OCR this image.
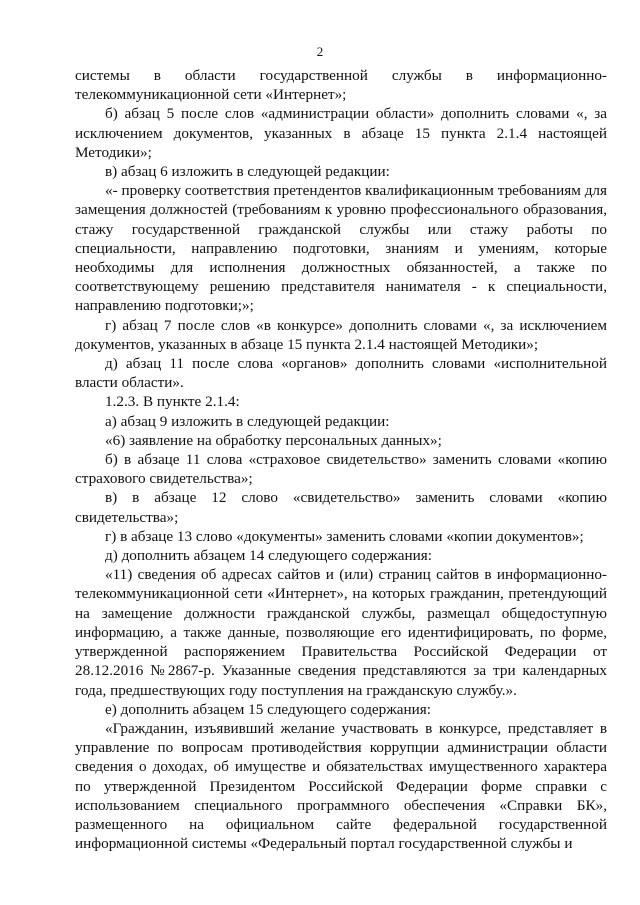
2

системы в области государственной службы в информационно-телекоммуникационной сети «Интернет»;

б) абзац 5 после слов «администрации области» дополнить словами «, за исключением документов, указанных в абзаце 15 пункта 2.1.4 настоящей Методики»;

в) абзац 6 изложить в следующей редакции:

«- проверку соответствия претендентов квалификационным требованиям для замещения должностей (требованиям к уровню профессионального образования, стажу государственной гражданской службы или стажу работы по специальности, направлению подготовки, знаниям и умениям, которые необходимы для исполнения должностных обязанностей, а также по соответствующему решению представителя нанимателя - к специальности, направлению подготовки;»;

г) абзац 7 после слов «в конкурсе» дополнить словами «, за исключением документов, указанных в абзаце 15 пункта 2.1.4 настоящей Методики»;

д) абзац 11 после слова «органов» дополнить словами «исполнительной власти области».

1.2.3. В пункте 2.1.4:

а) абзац 9 изложить в следующей редакции:

«6) заявление на обработку персональных данных»;

б) в абзаце 11 слова «страховое свидетельство» заменить словами «копию страхового свидетельства»;

в) в абзаце 12 слово «свидетельство» заменить словами «копию свидетельства»;

г) в абзаце 13 слово «документы» заменить словами «копии документов»;

д) дополнить абзацем 14 следующего содержания:

«11) сведения об адресах сайтов и (или) страниц сайтов в информационно-телекоммуникационной сети «Интернет», на которых гражданин, претендующий на замещение должности гражданской службы, размещал общедоступную информацию, а также данные, позволяющие его идентифицировать, по форме, утвержденной распоряжением Правительства Российской Федерации от 28.12.2016 №2867-р. Указанные сведения представляются за три календарных года, предшествующих году поступления на гражданскую службу.».

е) дополнить абзацем 15 следующего содержания:

«Гражданин, изъявивший желание участвовать в конкурсе, представляет в управление по вопросам противодействия коррупции администрации области сведения о доходах, об имуществе и обязательствах имущественного характера по утвержденной Президентом Российской Федерации форме справки с использованием специального программного обеспечения «Справки БК», размещенного на официальном сайте федеральной государственной информационной системы «Федеральный портал государственной службы и
